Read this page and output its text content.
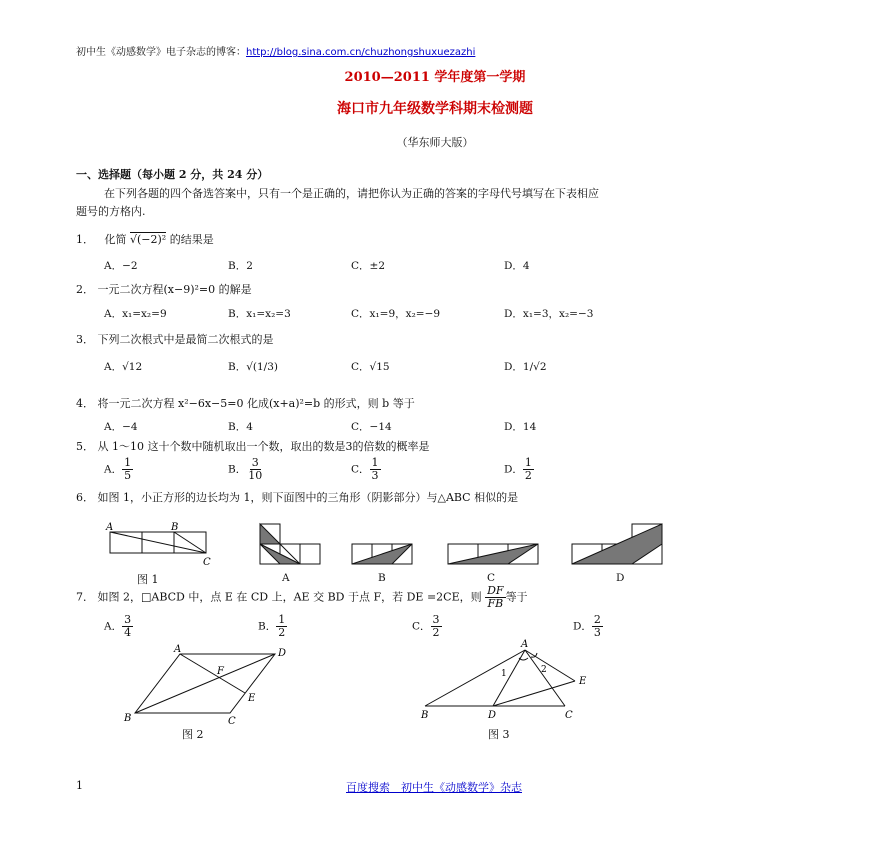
初中生《动感数学》电子杂志的博客：http://blog.sina.com.cn/chuzhongshuxuezazhi
2010—2011 学年度第一学期
海口市九年级数学科期末检测题
（华东师大版）
一、选择题（每小题 2 分，共 24 分）
在下列各题的四个备选答案中，只有一个是正确的，请把你认为正确的答案的字母代号填写在下表相应
题号的方格内.
1． 化简 √(−2)² 的结果是
A．−2	B．2	C．±2	D．4
2． 一元二次方程(x−9)²=0 的解是
A．x₁=x₂=9	B．x₁=x₂=3	C．x₁=9，x₂=−9	D．x₁=3，x₂=−3
3． 下列二次根式中是最简二次根式的是
A．√12	B．√(1/3)	C．√15	D．1/√2
4． 将一元二次方程 x²−6x−5=0 化成(x+a)²=b 的形式，则 b 等于
A．−4	B．4	C．−14	D．14
5． 从 1～10 这十个数中随机取出一个数，取出的数是3的倍数的概率是
A． $\frac{1}{5}$	B． $\frac{3}{10}$	C． $\frac{1}{3}$	D． $\frac{1}{2}$
6． 如图 1，小正方形的边长均为 1，则下面图中的三角形（阴影部分）与△ABC 相似的是
A	B
C
图 1	A	B	C	D
7． 如图 2，□ABCD 中，点 E 在 CD 上，AE 交 BD 于点 F，若 DE =2CE，则 $\frac{DF}{FB}$ 等于
A． $\frac{3}{4}$	B． $\frac{1}{2}$	C． $\frac{3}{2}$	D． $\frac{2}{3}$
A	D
B	C
F
E
图 2
A
B	D	C
E
1	2
图 3
1	百度搜索　初中生《动感数学》杂志
